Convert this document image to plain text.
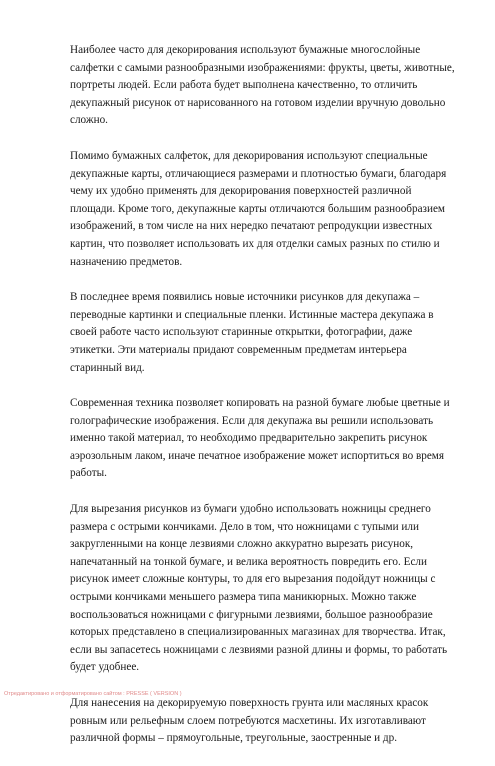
Наиболее часто для декорирования используют бумажные многослойные
салфетки с самыми разнообразными изображениями: фрукты, цветы, животные,
портреты людей. Если работа будет выполнена качественно, то отличить
декупажный рисунок от нарисованного на готовом изделии вручную довольно
сложно.

Помимо бумажных салфеток, для декорирования используют специальные
декупажные карты, отличающиеся размерами и плотностью бумаги, благодаря
чему их удобно применять для декорирования поверхностей различной
площади. Кроме того, декупажные карты отличаются большим разнообразием
изображений, в том числе на них нередко печатают репродукции известных
картин, что позволяет использовать их для отделки самых разных по стилю и
назначению предметов.

В последнее время появились новые источники рисунков для декупажа –
переводные картинки и специальные пленки. Истинные мастера декупажа в
своей работе часто используют старинные открытки, фотографии, даже
этикетки. Эти материалы придают современным предметам интерьера
старинный вид.

Современная техника позволяет копировать на разной бумаге любые цветные и
голографические изображения. Если для декупажа вы решили использовать
именно такой материал, то необходимо предварительно закрепить рисунок
аэрозольным лаком, иначе печатное изображение может испортиться во время
работы.

Для вырезания рисунков из бумаги удобно использовать ножницы среднего
размера с острыми кончиками. Дело в том, что ножницами с тупыми или
закругленными на конце лезвиями сложно аккуратно вырезать рисунок,
напечатанный на тонкой бумаге, и велика вероятность повредить его. Если
рисунок имеет сложные контуры, то для его вырезания подойдут ножницы с
острыми кончиками меньшего размера типа маникюрных. Можно также
воспользоваться ножницами с фигурными лезвиями, большое разнообразие
которых представлено в специализированных магазинах для творчества. Итак,
если вы запасетесь ножницами с лезвиями разной длины и формы, то работать
будет удобнее.

Для нанесения на декорируемую поверхность грунта или масляных красок
ровным или рельефным слоем потребуются масхетины. Их изготавливают
различной формы – прямоугольные, треугольные, заостренные и др.

Отредактировано и отформатировано сайтом : PRESSE ( VERSION )
